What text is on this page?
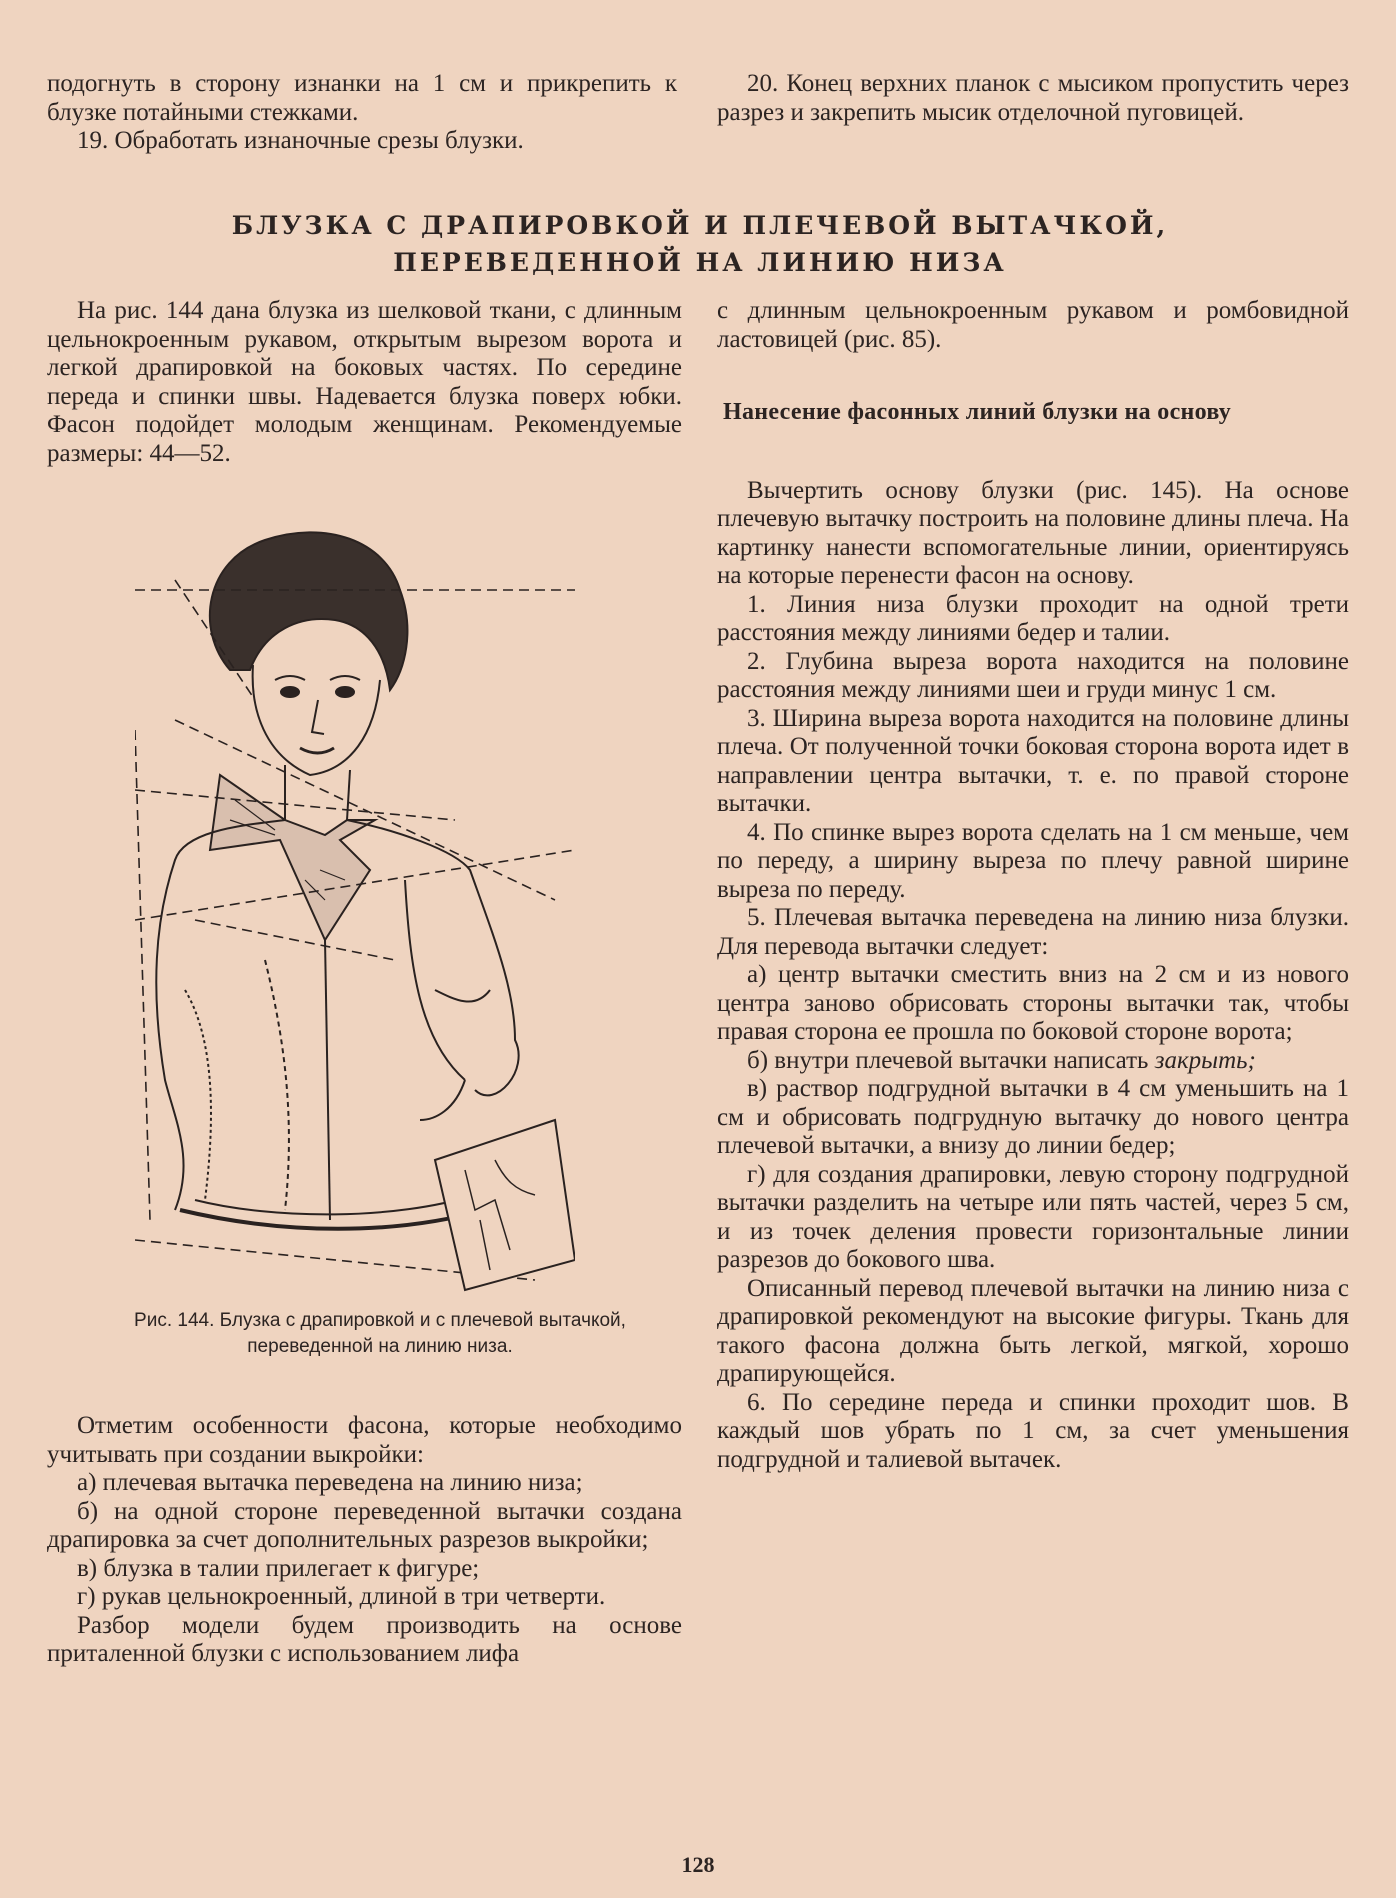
подогнуть в сторону изнанки на 1 см и прикрепить к блузке потайными стежками.

19. Обработать изнаночные срезы блузки.

20. Конец верхних планок с мысиком пропустить через разрез и закрепить мысик отделочной пуговицей.

БЛУЗКА С ДРАПИРОВКОЙ И ПЛЕЧЕВОЙ ВЫТАЧКОЙ,
ПЕРЕВЕДЕННОЙ НА ЛИНИЮ НИЗА

На рис. 144 дана блузка из шелковой ткани, с длинным цельнокроенным рукавом, открытым вырезом ворота и легкой драпировкой на боковых частях. По середине переда и спинки швы. Надевается блузка поверх юбки. Фасон подойдет молодым женщинам. Рекомендуемые размеры: 44—52.

Рис. 144. Блузка с драпировкой и с плечевой вытачкой, переведенной на линию низа.

Отметим особенности фасона, которые необходимо учитывать при создании выкройки:

а) плечевая вытачка переведена на линию низа;

б) на одной стороне переведенной вытачки создана драпировка за счет дополнительных разрезов выкройки;

в) блузка в талии прилегает к фигуре;

г) рукав цельнокроенный, длиной в три четверти.

Разбор модели будем производить на основе приталенной блузки с использованием лифа

с длинным цельнокроенным рукавом и ромбовидной ластовицей (рис. 85).

Нанесение фасонных линий блузки на основу

Вычертить основу блузки (рис. 145). На основе плечевую вытачку построить на половине длины плеча. На картинку нанести вспомогательные линии, ориентируясь на которые перенести фасон на основу.

1. Линия низа блузки проходит на одной трети расстояния между линиями бедер и талии.

2. Глубина выреза ворота находится на половине расстояния между линиями шеи и груди минус 1 см.

3. Ширина выреза ворота находится на половине длины плеча. От полученной точки боковая сторона ворота идет в направлении центра вытачки, т. е. по правой стороне вытачки.

4. По спинке вырез ворота сделать на 1 см меньше, чем по переду, а ширину выреза по плечу равной ширине выреза по переду.

5. Плечевая вытачка переведена на линию низа блузки. Для перевода вытачки следует:

а) центр вытачки сместить вниз на 2 см и из нового центра заново обрисовать стороны вытачки так, чтобы правая сторона ее прошла по боковой стороне ворота;

б) внутри плечевой вытачки написать закрыть;

в) раствор подгрудной вытачки в 4 см уменьшить на 1 см и обрисовать подгрудную вытачку до нового центра плечевой вытачки, а внизу до линии бедер;

г) для создания драпировки, левую сторону подгрудной вытачки разделить на четыре или пять частей, через 5 см, и из точек деления провести горизонтальные линии разрезов до бокового шва.

Описанный перевод плечевой вытачки на линию низа с драпировкой рекомендуют на высокие фигуры. Ткань для такого фасона должна быть легкой, мягкой, хорошо драпирующейся.

6. По середине переда и спинки проходит шов. В каждый шов убрать по 1 см, за счет уменьшения подгрудной и талиевой вытачек.

128
